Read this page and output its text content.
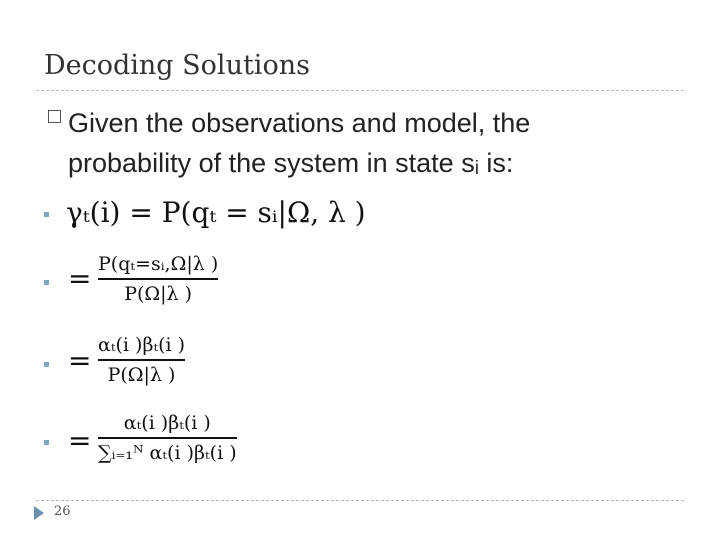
Decoding Solutions
Given the observations and model, the
probability of the system in state sᵢ is:
γₜ(i) = P(qₜ = sᵢ|Ω, λ )
= P(qₜ=sᵢ,Ω|λ )
P(Ω|λ )
= αₜ(i )βₜ(i )
P(Ω|λ )
=
αₜ(i )βₜ(i )
∑ᵢ₌₁ᴺ αₜ(i )βₜ(i )
26
